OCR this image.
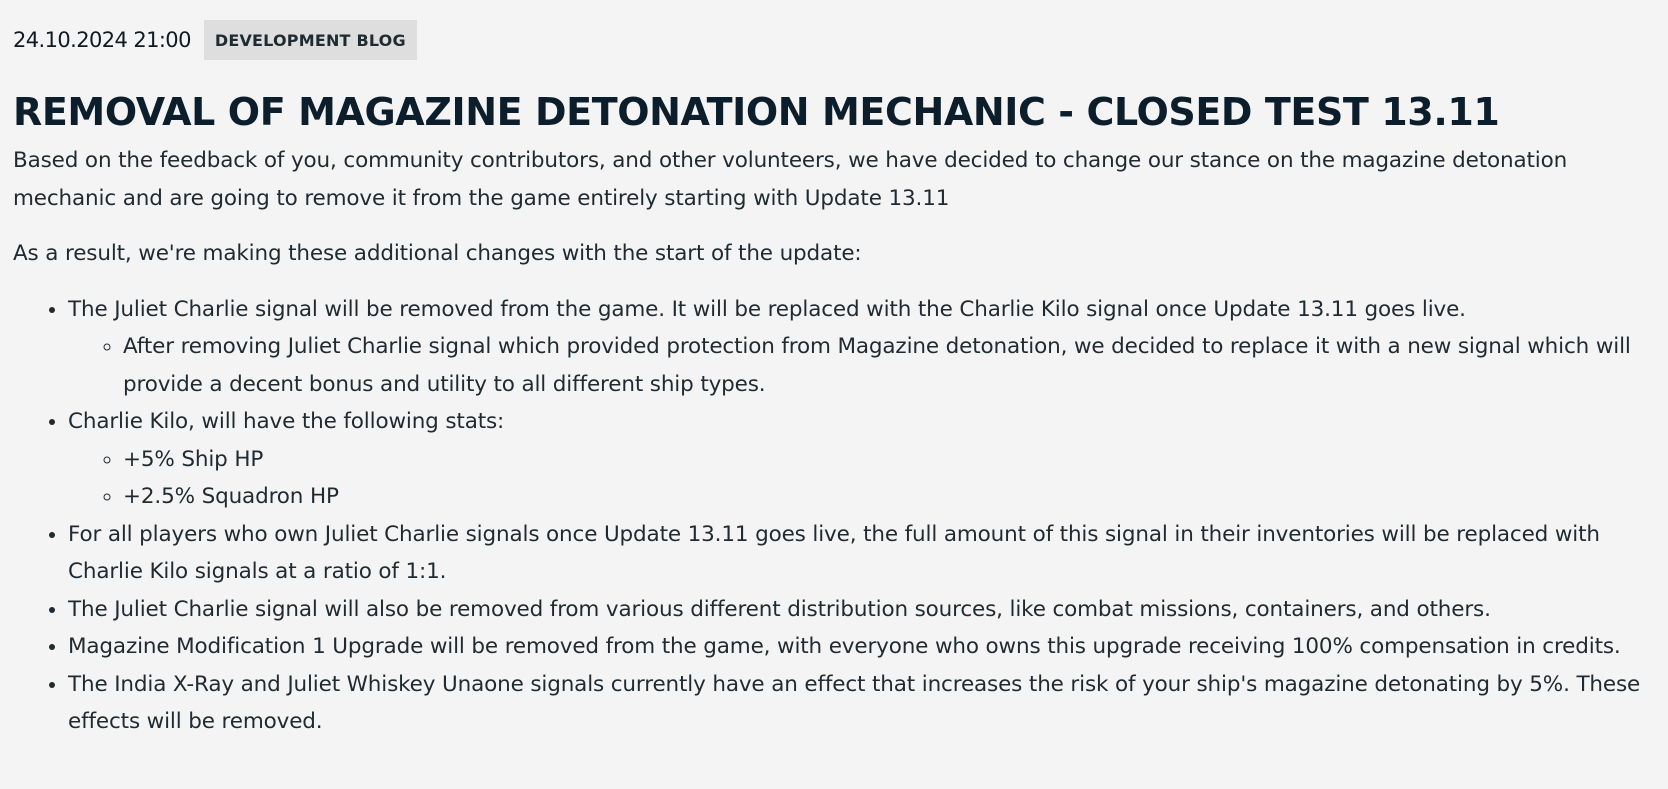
24.10.2024 21:00	DEVELOPMENT BLOG
REMOVAL OF MAGAZINE DETONATION MECHANIC - CLOSED TEST 13.11

Based on the feedback of you, community contributors, and other volunteers, we have decided to change our stance on the magazine detonation mechanic and are going to remove it from the game entirely starting with Update 13.11

As a result, we're making these additional changes with the start of the update:

• The Juliet Charlie signal will be removed from the game. It will be replaced with the Charlie Kilo signal once Update 13.11 goes live.
◦ After removing Juliet Charlie signal which provided protection from Magazine detonation, we decided to replace it with a new signal which will provide a decent bonus and utility to all different ship types.
• Charlie Kilo, will have the following stats:
◦ +5% Ship HP
◦ +2.5% Squadron HP
• For all players who own Juliet Charlie signals once Update 13.11 goes live, the full amount of this signal in their inventories will be replaced with Charlie Kilo signals at a ratio of 1:1.
• The Juliet Charlie signal will also be removed from various different distribution sources, like combat missions, containers, and others.
• Magazine Modification 1 Upgrade will be removed from the game, with everyone who owns this upgrade receiving 100% compensation in credits.
• The India X-Ray and Juliet Whiskey Unaone signals currently have an effect that increases the risk of your ship's magazine detonating by 5%. These effects will be removed.
